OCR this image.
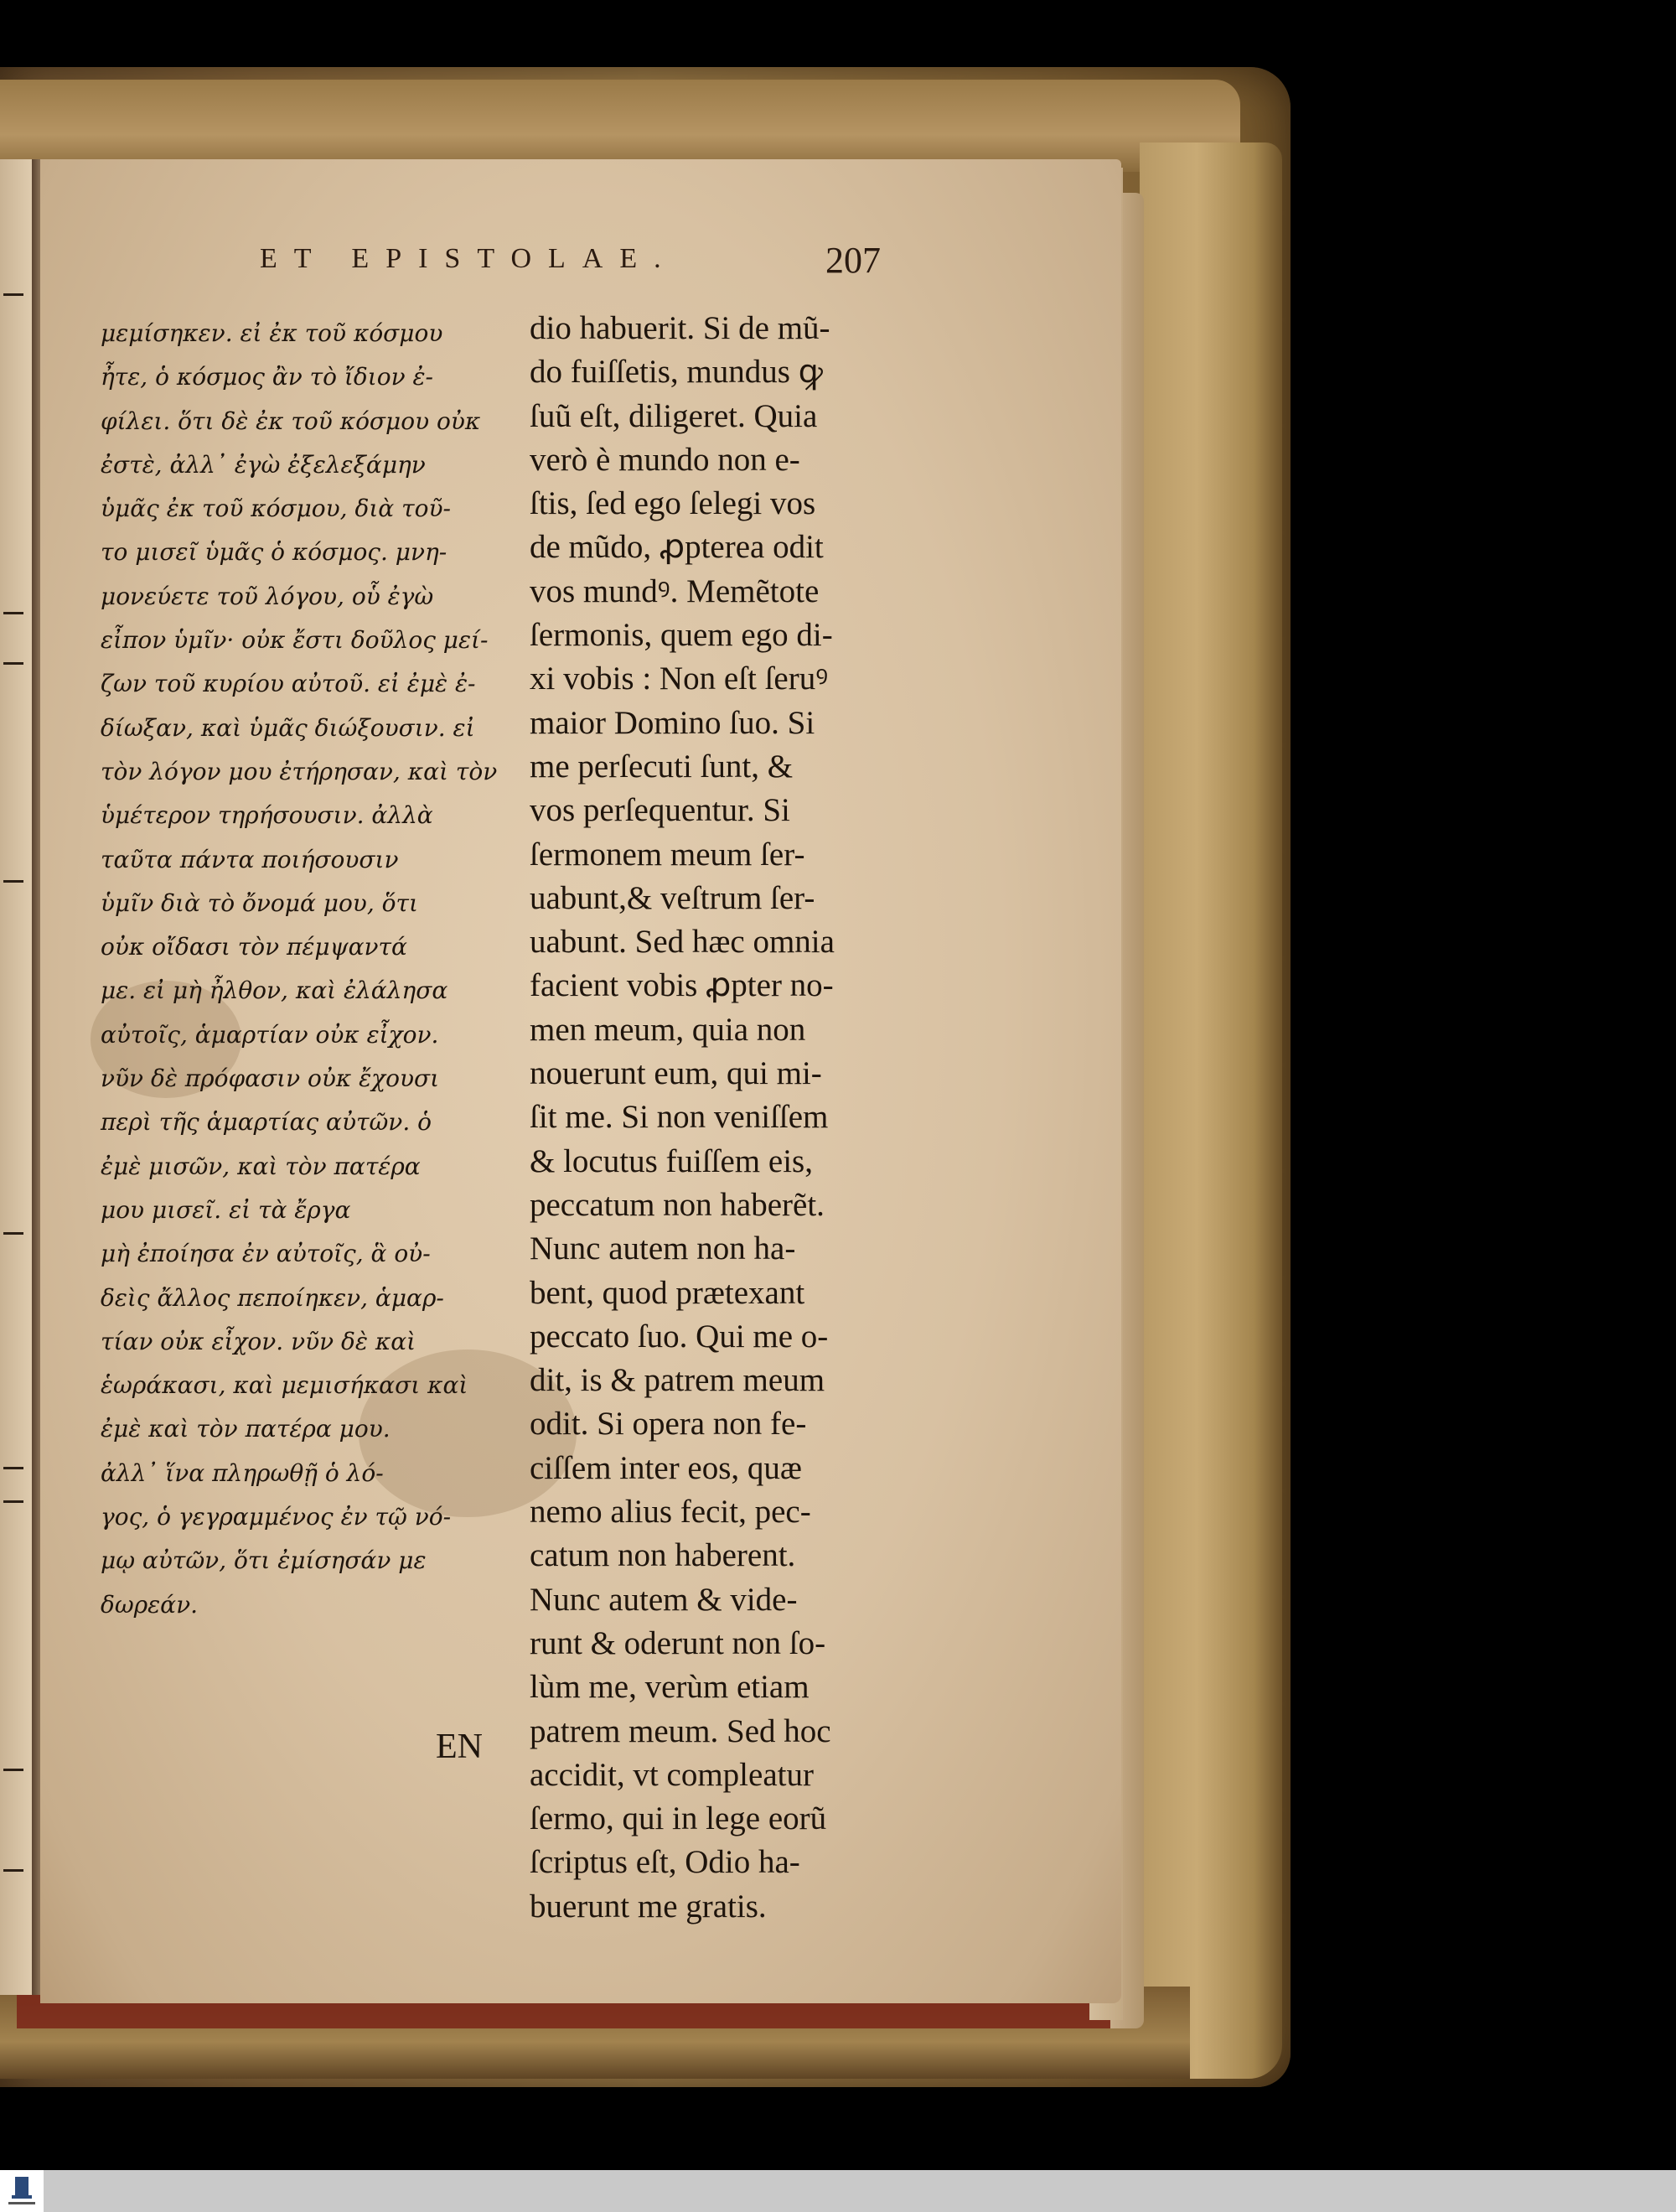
ET EPISTOLAE.	207
μεμίσηκεν. εἰ ἐκ τοῦ κόσμου
ἦτε, ὁ κόσμος ἂν τὸ ἴδιον ἐ-
φίλει. ὅτι δὲ ἐκ τοῦ κόσμου οὐκ
ἐστὲ, ἀλλ᾽ ἐγὼ ἐξελεξάμην
ὑμᾶς ἐκ τοῦ κόσμου, διὰ τοῦ-
το μισεῖ ὑμᾶς ὁ κόσμος. μνη-
μονεύετε τοῦ λόγου, οὗ ἐγὼ
εἶπον ὑμῖν· οὐκ ἔστι δοῦλος μεί-
ζων τοῦ κυρίου αὐτοῦ. εἰ ἐμὲ ἐ-
δίωξαν, καὶ ὑμᾶς διώξουσιν. εἰ
τὸν λόγον μου ἐτήρησαν, καὶ τὸν
ὑμέτερον τηρήσουσιν. ἀλλὰ
ταῦτα πάντα ποιήσουσιν
ὑμῖν διὰ τὸ ὄνομά μου, ὅτι
οὐκ οἴδασι τὸν πέμψαντά
με. εἰ μὴ ἦλθον, καὶ ἐλάλησα
αὐτοῖς, ἁμαρτίαν οὐκ εἶχον.
νῦν δὲ πρόφασιν οὐκ ἔχουσι
περὶ τῆς ἁμαρτίας αὐτῶν. ὁ
ἐμὲ μισῶν, καὶ τὸν πατέρα
μου μισεῖ. εἰ τὰ ἔργα
μὴ ἐποίησα ἐν αὐτοῖς, ἃ οὐ-
δεὶς ἄλλος πεποίηκεν, ἁμαρ-
τίαν οὐκ εἶχον. νῦν δὲ καὶ
ἑωράκασι, καὶ μεμισήκασι καὶ
ἐμὲ καὶ τὸν πατέρα μου.
ἀλλ᾽ ἵνα πληρωθῇ ὁ λό-
γος, ὁ γεγραμμένος ἐν τῷ νό-
μῳ αὐτῶν, ὅτι ἐμίσησάν με
δωρεάν.
dio habuerit. Si de mũ-
do fuiſſetis, mundus ꝙ
ſuũ eſt, diligeret. Quia
verò è mundo non e-
ſtis, ſed ego ſelegi vos
de mũdo, ꝓpterea odit
vos mundꝰ. Memẽtote
ſermonis, quem ego di-
xi vobis : Non eſt ſeruꝰ
maior Domino ſuo. Si
me perſecuti ſunt, &
vos perſequentur. Si
ſermonem meum ſer-
uabunt,& veſtrum ſer-
uabunt. Sed hæc omnia
facient vobis ꝓpter no-
men meum, quia non
nouerunt eum, qui mi-
ſit me. Si non veniſſem
& locutus fuiſſem eis,
peccatum non haberẽt.
Nunc autem non ha-
bent, quod prætexant
peccato ſuo. Qui me o-
dit, is & patrem meum
odit. Si opera non fe-
ciſſem inter eos, quæ
nemo alius fecit, pec-
catum non haberent.
Nunc autem & vide-
runt & oderunt non ſo-
lùm me, verùm etiam
patrem meum. Sed hoc
accidit, vt compleatur
ſermo, qui in lege eorũ
ſcriptus eſt, Odio ha-
buerunt me gratis.
EN
